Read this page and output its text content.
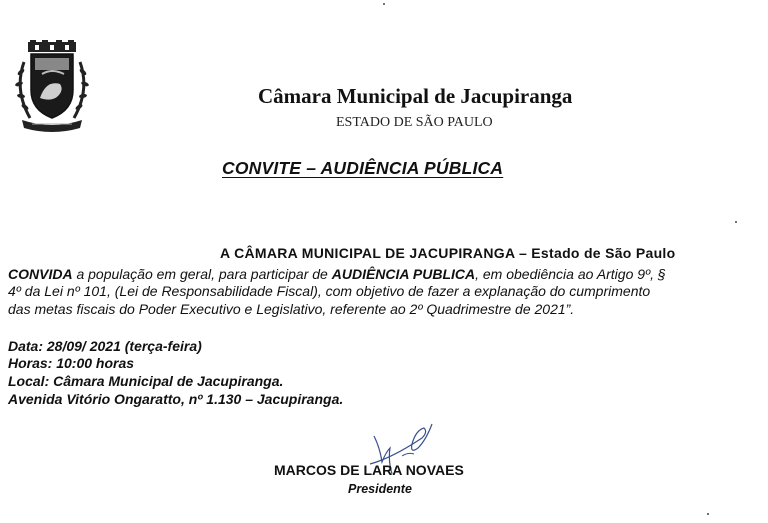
Câmara Municipal de Jacupiranga
ESTADO DE SÃO PAULO
CONVITE – AUDIÊNCIA PÚBLICA
A CÂMARA MUNICIPAL DE JACUPIRANGA – Estado de São Paulo
CONVIDA a população em geral, para participar de AUDIÊNCIA PUBLICA, em obediência ao Artigo 9º, §
4º da Lei nº 101, (Lei de Responsabilidade Fiscal), com objetivo de fazer a explanação do cumprimento
das metas fiscais do Poder Executivo e Legislativo, referente ao 2º Quadrimestre de 2021”.
Data: 28/09/ 2021 (terça-feira)
Horas: 10:00 horas
Local: Câmara Municipal de Jacupiranga.
Avenida Vitório Ongaratto, nº 1.130 – Jacupiranga.
MARCOS DE LARA NOVAES
Presidente
